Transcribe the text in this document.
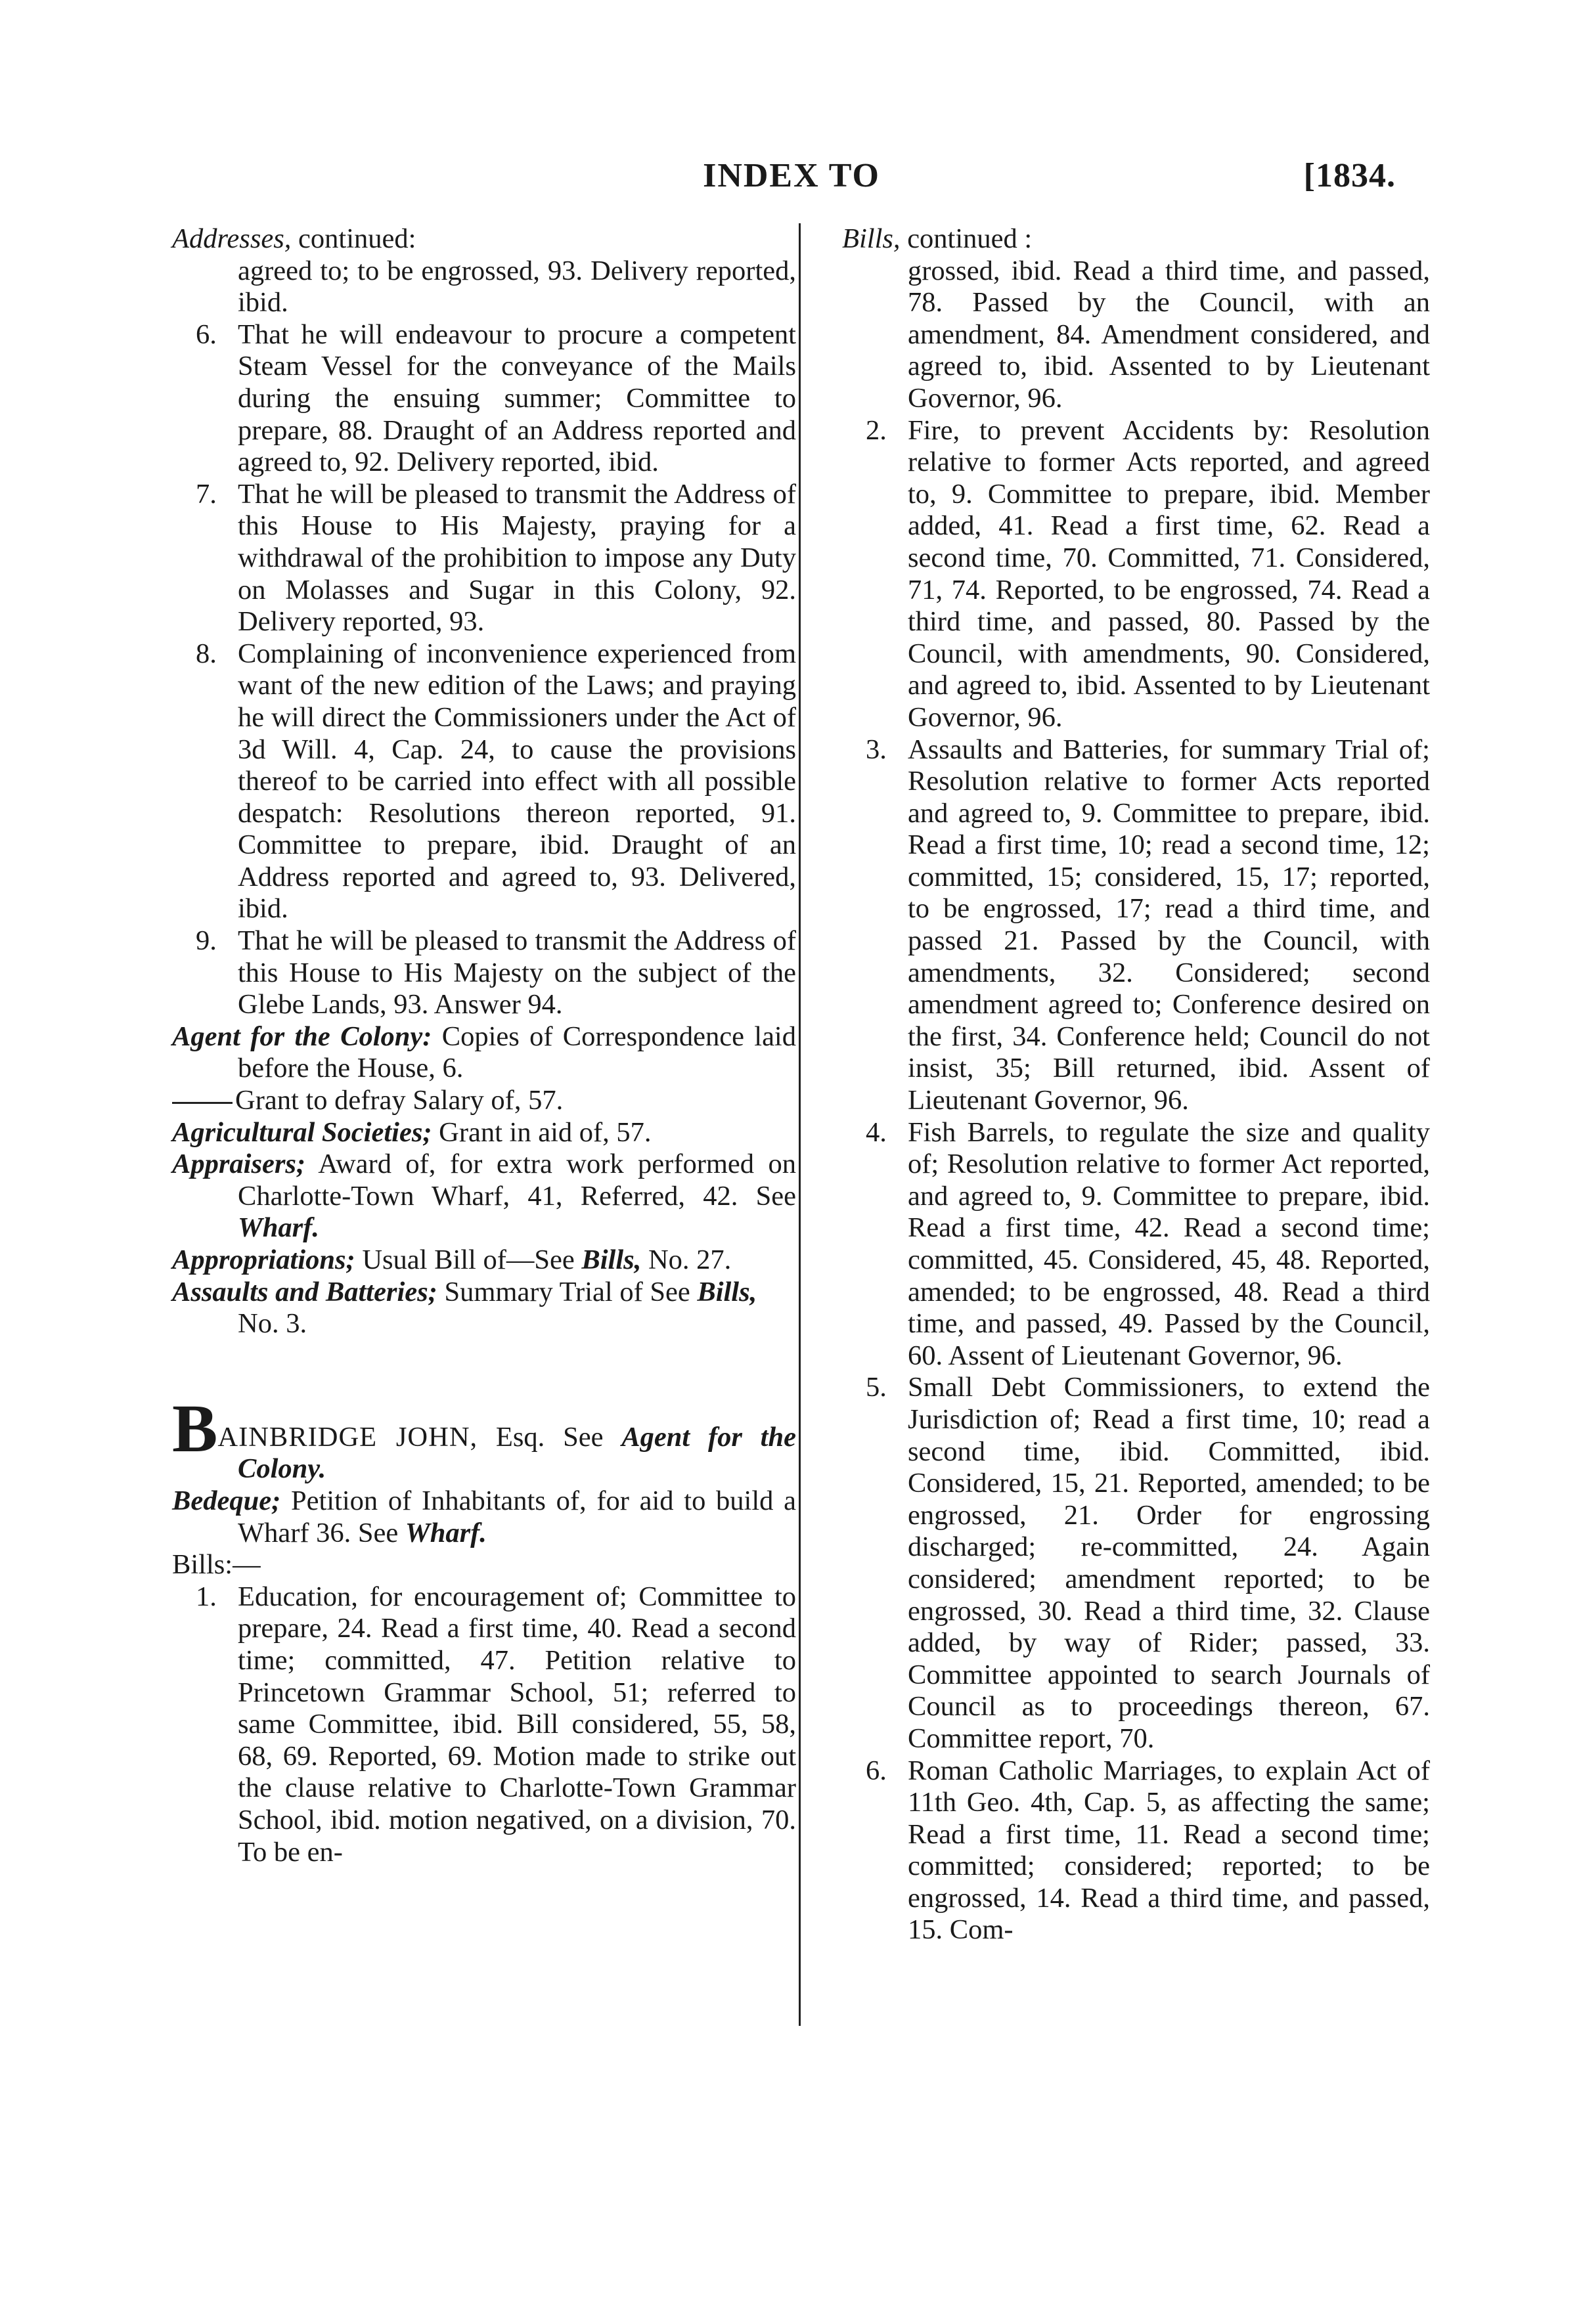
INDEX TO	[1834.

Addresses, continued:

agreed to; to be engrossed, 93. Delivery reported, ibid.

6. That he will endeavour to procure a competent Steam Vessel for the conveyance of the Mails during the ensuing summer; Committee to prepare, 88. Draught of an Address reported and agreed to, 92. Delivery reported, ibid.
7. That he will be pleased to transmit the Address of this House to His Majesty, praying for a withdrawal of the prohibition to impose any Duty on Molasses and Sugar in this Colony, 92. Delivery reported, 93.
8. Complaining of inconvenience experienced from want of the new edition of the Laws; and praying he will direct the Commissioners under the Act of 3d Will. 4, Cap. 24, to cause the provisions thereof to be carried into effect with all possible despatch: Resolutions thereon reported, 91. Committee to prepare, ibid. Draught of an Address reported and agreed to, 93. Delivered, ibid.
9. That he will be pleased to transmit the Address of this House to His Majesty on the subject of the Glebe Lands, 93. Answer 94.

Agent for the Colony: Copies of Correspondence laid before the House, 6.

Grant to defray Salary of, 57.

Agricultural Societies; Grant in aid of, 57.

Appraisers; Award of, for extra work performed on Charlotte-Town Wharf, 41, Referred, 42. See Wharf.

Appropriations; Usual Bill of—See Bills, No. 27.

Assaults and Batteries; Summary Trial of See Bills, No. 3.

BAINBRIDGE JOHN, Esq. See Agent for the Colony.

Bedeque; Petition of Inhabitants of, for aid to build a Wharf 36. See Wharf.

Bills:—

1. Education, for encouragement of; Committee to prepare, 24. Read a first time, 40. Read a second time; committed, 47. Petition relative to Princetown Grammar School, 51; referred to same Committee, ibid. Bill considered, 55, 58, 68, 69. Reported, 69. Motion made to strike out the clause relative to Charlotte-Town Grammar School, ibid. motion negatived, on a division, 70. To be en-

Bills, continued :

grossed, ibid. Read a third time, and passed, 78. Passed by the Council, with an amendment, 84. Amendment considered, and agreed to, ibid. Assented to by Lieutenant Governor, 96.

2. Fire, to prevent Accidents by: Resolution relative to former Acts reported, and agreed to, 9. Committee to prepare, ibid. Member added, 41. Read a first time, 62. Read a second time, 70. Committed, 71. Considered, 71, 74. Reported, to be engrossed, 74. Read a third time, and passed, 80. Passed by the Council, with amendments, 90. Considered, and agreed to, ibid. Assented to by Lieutenant Governor, 96.
3. Assaults and Batteries, for summary Trial of; Resolution relative to former Acts reported and agreed to, 9. Committee to prepare, ibid. Read a first time, 10; read a second time, 12; committed, 15; considered, 15, 17; reported, to be engrossed, 17; read a third time, and passed 21. Passed by the Council, with amendments, 32. Considered; second amendment agreed to; Conference desired on the first, 34. Conference held; Council do not insist, 35; Bill returned, ibid. Assent of Lieutenant Governor, 96.
4. Fish Barrels, to regulate the size and quality of; Resolution relative to former Act reported, and agreed to, 9. Committee to prepare, ibid. Read a first time, 42. Read a second time; committed, 45. Considered, 45, 48. Reported, amended; to be engrossed, 48. Read a third time, and passed, 49. Passed by the Council, 60. Assent of Lieutenant Governor, 96.
5. Small Debt Commissioners, to extend the Jurisdiction of; Read a first time, 10; read a second time, ibid. Committed, ibid. Considered, 15, 21. Reported, amended; to be engrossed, 21. Order for engrossing discharged; re-committed, 24. Again considered; amendment reported; to be engrossed, 30. Read a third time, 32. Clause added, by way of Rider; passed, 33. Committee appointed to search Journals of Council as to proceedings thereon, 67. Committee report, 70.
6. Roman Catholic Marriages, to explain Act of 11th Geo. 4th, Cap. 5, as affecting the same; Read a first time, 11. Read a second time; committed; considered; reported; to be engrossed, 14. Read a third time, and passed, 15. Com-
